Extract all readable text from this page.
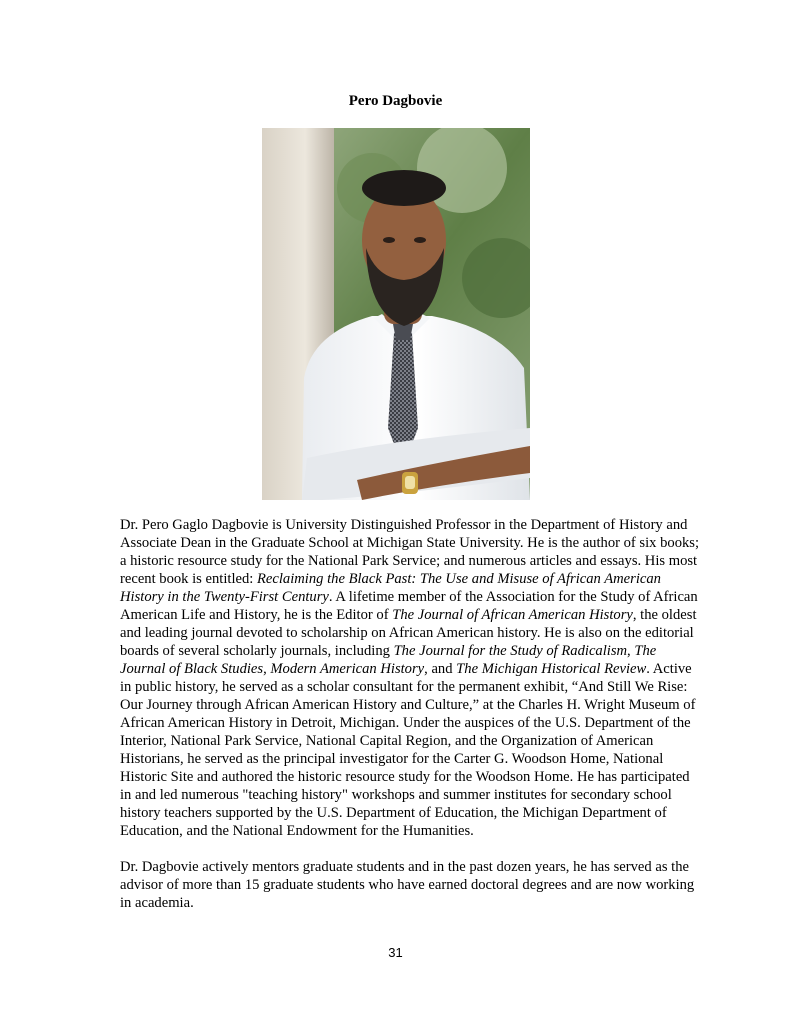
Pero Dagbovie

Dr. Pero Gaglo Dagbovie is University Distinguished Professor in the Department of History and Associate Dean in the Graduate School at Michigan State University. He is the author of six books; a historic resource study for the National Park Service; and numerous articles and essays. His most recent book is entitled: Reclaiming the Black Past: The Use and Misuse of African American History in the Twenty-First Century. A lifetime member of the Association for the Study of African American Life and History, he is the Editor of The Journal of African American History, the oldest and leading journal devoted to scholarship on African American history. He is also on the editorial boards of several scholarly journals, including The Journal for the Study of Radicalism, The Journal of Black Studies, Modern American History, and The Michigan Historical Review. Active in public history, he served as a scholar consultant for the permanent exhibit, “And Still We Rise: Our Journey through African American History and Culture,” at the Charles H. Wright Museum of African American History in Detroit, Michigan. Under the auspices of the U.S. Department of the Interior, National Park Service, National Capital Region, and the Organization of American Historians, he served as the principal investigator for the Carter G. Woodson Home, National Historic Site and authored the historic resource study for the Woodson Home. He has participated in and led numerous "teaching history" workshops and summer institutes for secondary school history teachers supported by the U.S. Department of Education, the Michigan Department of Education, and the National Endowment for the Humanities.

Dr. Dagbovie actively mentors graduate students and in the past dozen years, he has served as the advisor of more than 15 graduate students who have earned doctoral degrees and are now working in academia.

31
